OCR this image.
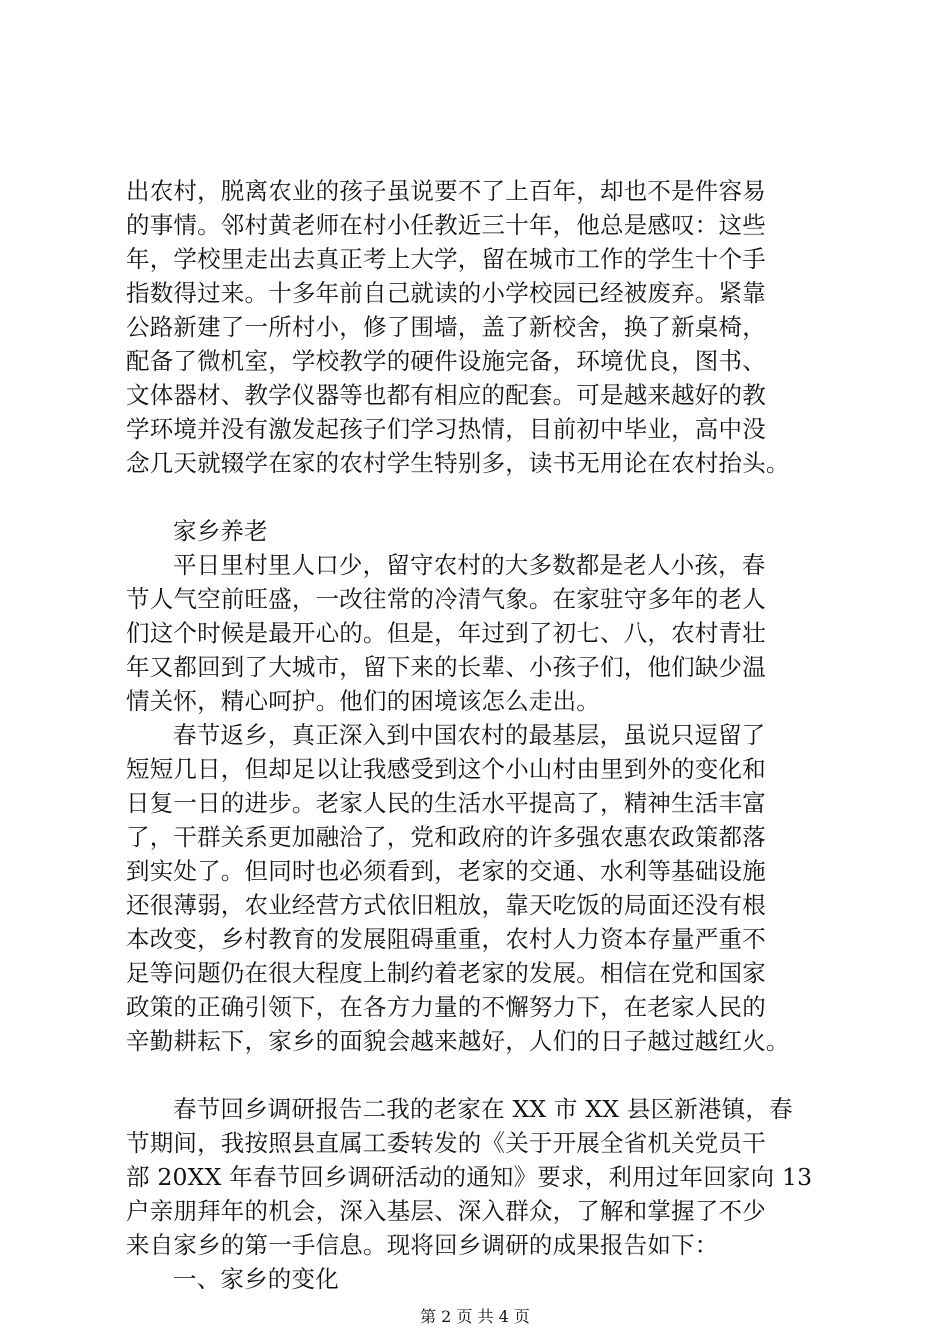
出农村，脱离农业的孩子虽说要不了上百年，却也不是件容易
的事情。邻村黄老师在村小任教近三十年，他总是感叹：这些
年，学校里走出去真正考上大学，留在城市工作的学生十个手
指数得过来。十多年前自己就读的小学校园已经被废弃。紧靠
公路新建了一所村小，修了围墙，盖了新校舍，换了新桌椅，
配备了微机室，学校教学的硬件设施完备，环境优良，图书、
文体器材、教学仪器等也都有相应的配套。可是越来越好的教
学环境并没有激发起孩子们学习热情，目前初中毕业，高中没
念几天就辍学在家的农村学生特别多，读书无用论在农村抬头。
家乡养老
平日里村里人口少，留守农村的大多数都是老人小孩，春
节人气空前旺盛，一改往常的冷清气象。在家驻守多年的老人
们这个时候是最开心的。但是，年过到了初七、八，农村青壮
年又都回到了大城市，留下来的长辈、小孩子们，他们缺少温
情关怀，精心呵护。他们的困境该怎么走出。
春节返乡，真正深入到中国农村的最基层，虽说只逗留了
短短几日，但却足以让我感受到这个小山村由里到外的变化和
日复一日的进步。老家人民的生活水平提高了，精神生活丰富
了，干群关系更加融洽了，党和政府的许多强农惠农政策都落
到实处了。但同时也必须看到，老家的交通、水利等基础设施
还很薄弱，农业经营方式依旧粗放，靠天吃饭的局面还没有根
本改变，乡村教育的发展阻碍重重，农村人力资本存量严重不
足等问题仍在很大程度上制约着老家的发展。相信在党和国家
政策的正确引领下，在各方力量的不懈努力下，在老家人民的
辛勤耕耘下，家乡的面貌会越来越好，人们的日子越过越红火。
春节回乡调研报告二我的老家在 XX 市 XX 县区新港镇，春
节期间，我按照县直属工委转发的《关于开展全省机关党员干
部 20XX 年春节回乡调研活动的通知》要求，利用过年回家向 13
户亲朋拜年的机会，深入基层、深入群众，了解和掌握了不少
来自家乡的第一手信息。现将回乡调研的成果报告如下：
一、家乡的变化
第 2 页 共 4 页
